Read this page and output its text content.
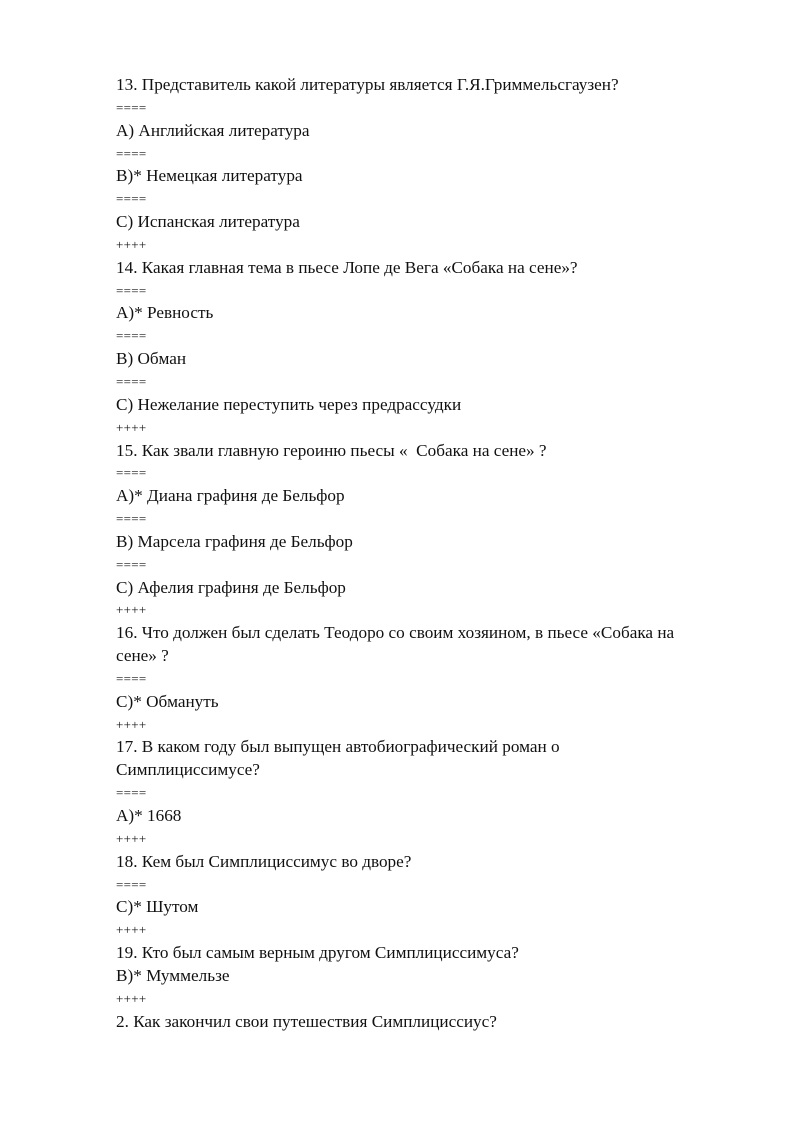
13. Представитель какой литературы является Г.Я.Гриммельсгаузен?
====
A) Английская литература
====
B)* Немецкая литература
====
C) Испанская литература
++++
14. Какая главная тема в пьесе Лопе де Вега «Собака на сене»?
====
A)* Ревность
====
B) Обман
====
C) Нежелание переступить через предрассудки
++++
15. Как звали главную героиню пьесы «  Собака на сене» ?
====
A)* Диана графиня де Бельфор
====
B) Марсела графиня де Бельфор
====
C) Афелия графиня де Бельфор
++++
16. Что должен был сделать Теодоро со своим хозяином, в пьесе «Собака на
сене» ?
====
C)* Обмануть
++++
17. В каком году был выпущен автобиографический роман о
Симплициссимусе?
====
A)* 1668
++++
18. Кем был Симплициссимус во дворе?
====
C)* Шутом
++++
19. Кто был самым верным другом Симплициссимуса?
B)* Муммельзе
++++
2. Как закончил свои путешествия Симплициссиус?
